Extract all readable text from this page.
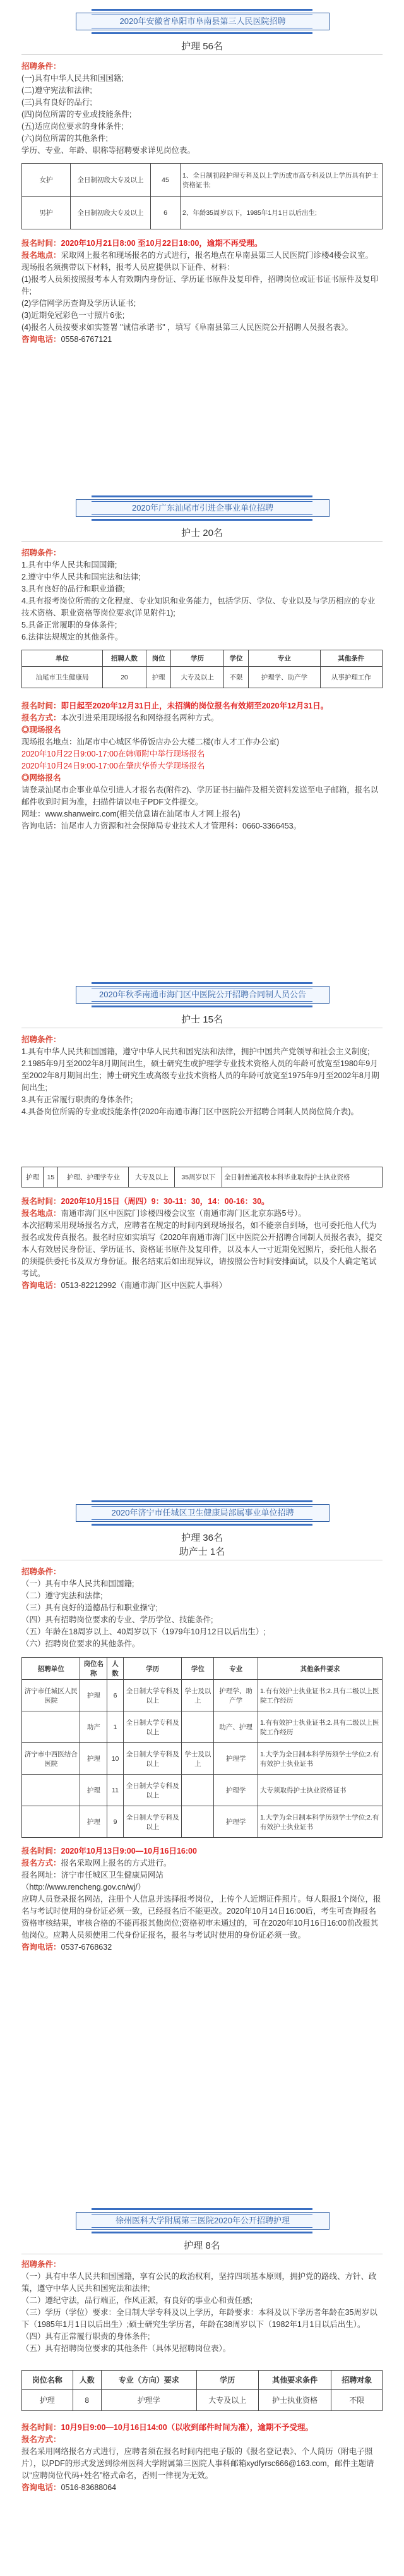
2020年安徽省阜阳市阜南县第三人民医院招聘
护理 56名
招聘条件：
(一)具有中华人民共和国国籍;
(二)遵守宪法和法律;
(三)具有良好的品行;
(四)岗位所需的专业或技能条件;
(五)适应岗位要求的身体条件;
(六)岗位所需的其他条件;
学历、专业、年龄、职称等招聘要求详见岗位表。
女护	全日制初段大专及以上	45	1、全日制初段护理专科及以上学历或市高专科及以上学历具有护士资格证书;
男护	全日制初段大专及以上	6	2、年龄35周岁以下，1985年1月1日以后出生;
报名时间：2020年10月21日8:00 至10月22日18:00，逾期不再受理。
报名地点：采取网上报名和现场报名的方式进行，报名地点在阜南县第三人民医院门诊楼4楼会议室。
现场报名须携带以下材料，报考人员应提供以下证件、材料：
(1)报考人员须按照报考本人有效期内身份证、学历证书原件及复印件，招聘岗位或证书证书原件及复印件;
(2)学信网学历查询及学历认证书;
(3)近期免冠彩色一寸照片6张;
(4)报名人员按要求如实签署 "诚信承诺书" ，填写《阜南县第三人民医院公开招聘人员报名表》。
咨询电话：0558-6767121
2020年广东汕尾市引进企事业单位招聘
护士 20名
招聘条件：
1.具有中华人民共和国国籍;
2.遵守中华人民共和国宪法和法律;
3.具有良好的品行和职业道德;
4.具有报考岗位所需的文化程度、专业知识和业务能力，包括学历、学位、专业以及与学历相应的专业技术资格、职业资格等岗位要求(详见附件1);
5.具备正常履职的身体条件;
6.法律法规规定的其他条件。
单位	招聘人数	岗位	学历	学位	专业	其他条件
汕尾市卫生健康局	20	护理	大专及以上	不限	护理学、助产学	从事护理工作
报名时间：即日起至2020年12月31日止，未招满的岗位报名有效期至2020年12月31日。
报名方式：本次引进采用现场报名和网络报名两种方式。
◎现场报名
现场报名地点：汕尾市中心城区华侨饭店办公大楼二楼(市人才工作办公室)
2020年10月22日9:00-17:00在韩师附中举行现场报名
2020年10月24日9:00-17:00在肇庆华侨大学现场报名
◎网络报名
请登录汕尾市企事业单位引进人才报名表(附件2)、学历证书扫描件及相关资料发送至电子邮箱，报名以邮件收到时间为准，扫描件请以电子PDF文件提交。
网址：www.shanweirc.com(相关信息请在汕尾市人才网上报名)
咨询电话：汕尾市人力资源和社会保障局专业技术人才管理科：0660-3366453。
2020年秋季南通市海门区中医院公开招聘合同制人员公告
护士 15名
招聘条件：
1.具有中华人民共和国国籍，遵守中华人民共和国宪法和法律，拥护中国共产党领导和社会主义制度;
2.1985年9月至2002年8月期间出生，硕士研究生或护理学专业技术资格人员的年龄可放宽至1980年9月至2002年8月期间出生；博士研究生或高级专业技术资格人员的年龄可放宽至1975年9月至2002年8月期间出生;
3.具有正常履行职责的身体条件;
4.具备岗位所需的专业或技能条件(2020年南通市海门区中医院公开招聘合同制人员岗位简介表)。
护理	15	护理、护理学专业	大专及以上	35周岁以下	全日制普通高校本科毕业取得护士执业资格
报名时间：2020年10月15日（周四）9：30-11：30，14：00-16：30。
报名地点：南通市海门区中医院门诊楼四楼会议室（南通市海门区北京东路5号）。
本次招聘采用现场报名方式，应聘者在规定的时间内到现场报名，如不能亲自到场，也可委托他人代为报名或发传真报名。报名时应如实填写《2020年南通市海门区中医院公开招聘合同制人员报名表》，提交本人有效居民身份证、学历证书、资格证书原件及复印件，以及本人一寸近期免冠照片，委托他人报名的须提供委托书及双方身份证。报名结束后如出现异议，请按照公告时间安排面试，以及个人确定笔试考试。
咨询电话：0513-82212992（南通市海门区中医院人事科）
2020年济宁市任城区卫生健康局部属事业单位招聘
护理 36名
助产士 1名
招聘条件：
（一）具有中华人民共和国国籍;
（二）遵守宪法和法律;
（三）具有良好的道德品行和职业操守;
（四）具有招聘岗位要求的专业、学历学位、技能条件;
（五）年龄在18周岁以上、40周岁以下（1979年10月12日以后出生）;
（六）招聘岗位要求的其他条件。
招聘单位	岗位名称	人数	学历	学位	专业	其他条件要求
济宁市任城区人民医院	护理	6	全日制大学专科及以上	学士及以上	护理学、助产学	1.有有效护士执业证书;2.具有二级以上医院工作经历
	助产	1	全日制大学专科及以上		助产、护理	1.有有效护士执业证书;2.具有二级以上医院工作经历
济宁市中西医结合医院	护理	10	全日制大学专科及以上	学士及以上	护理学	1.大学为全日制本科学历须学士学位;2.有有效护士执业证书
	护理	11	全日制大学专科及以上		护理学	大专须取得护士执业资格证书
	护理	9	全日制大学专科及以上		护理学	1.大学为全日制本科学历须学士学位;2.有有效护士执业证书
报名时间：2020年10月13日9:00—10月16日16:00
报名方式：报名采取网上报名的方式进行。
报名网址：济宁市任城区卫生健康局网站
（http://www.rencheng.gov.cn/wj/）
应聘人员登录报名网站，注册个人信息并选择报考岗位，上传个人近期证件照片。每人限报1个岗位，报名与考试时使用的身份证必须一致，已经报名后不能更改。2020年10月14日16:00后，考生可查询报名资格审核结果，审核合格的不能再报其他岗位;资格初审未通过的，可在2020年10月16日16:00前改报其他岗位。应聘人员须使用二代身份证报名，报名与考试时使用的身份证必须一致。
咨询电话：0537-6768632
徐州医科大学附属第三医院2020年公开招聘护理
护理 8名
招聘条件：
（一）具有中华人民共和国国籍，享有公民的政治权利，坚持四项基本原则，拥护党的路线、方针、政策，遵守中华人民共和国宪法和法律;
（二）遵纪守法，品行端正，作风正派，有良好的事业心和责任感;
（三）学历（学位）要求：全日制大学专科及以上学历，年龄要求：本科及以下学历者年龄在35周岁以下（1985年1月1日以后出生）;硕士研究生学历者，年龄在38周岁以下（1982年1月1日以后出生）。
（四）具有正常履行职责的身体条件;
（五）具有招聘岗位要求的其他条件（具体见招聘岗位表）。
岗位名称	人数	专业（方向）要求	学历	其他要求条件	招聘对象
护理	8	护理学	大专及以上	护士执业资格	不限
报名时间：10月9日9:00—10月16日14:00（以收到邮件时间为准），逾期不予受理。
报名方式：
报名采用网络报名方式进行，应聘者须在报名时间内把电子版的《报名登记表》、个人简历（附电子照片），以PDF的形式发送到徐州医科大学附属第三医院人事科邮箱xydfyrsc666@163.com，邮件主题请以“应聘岗位代码+姓名”格式命名，否则一律视为无效。
咨询电话：0516-83688064
